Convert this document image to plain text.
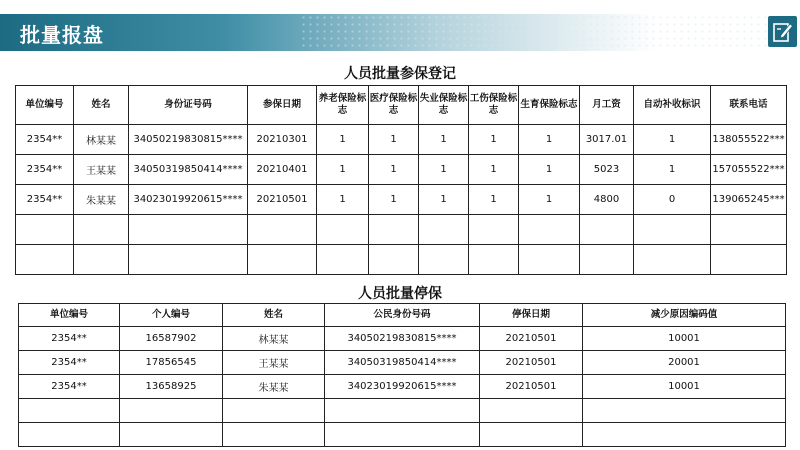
批量报盘
人员批量参保登记
单位编号	姓名	身份证号码	参保日期	养老保险标志	医疗保险标志	失业保险标志	工伤保险标志	生育保险标志	月工资	自动补收标识	联系电话
2354**	林某某	34050219830815****	20210301	1	1	1	1	1	3017.01	1	138055522***
2354**	王某某	34050319850414****	20210401	1	1	1	1	1	5023	1	157055522***
2354**	朱某某	34023019920615****	20210501	1	1	1	1	1	4800	0	139065245***

人员批量停保
单位编号	个人编号	姓名	公民身份号码	停保日期	减少原因编码值
2354**	16587902	林某某	34050219830815****	20210501	10001
2354**	17856545	王某某	34050319850414****	20210501	20001
2354**	13658925	朱某某	34023019920615****	20210501	10001
